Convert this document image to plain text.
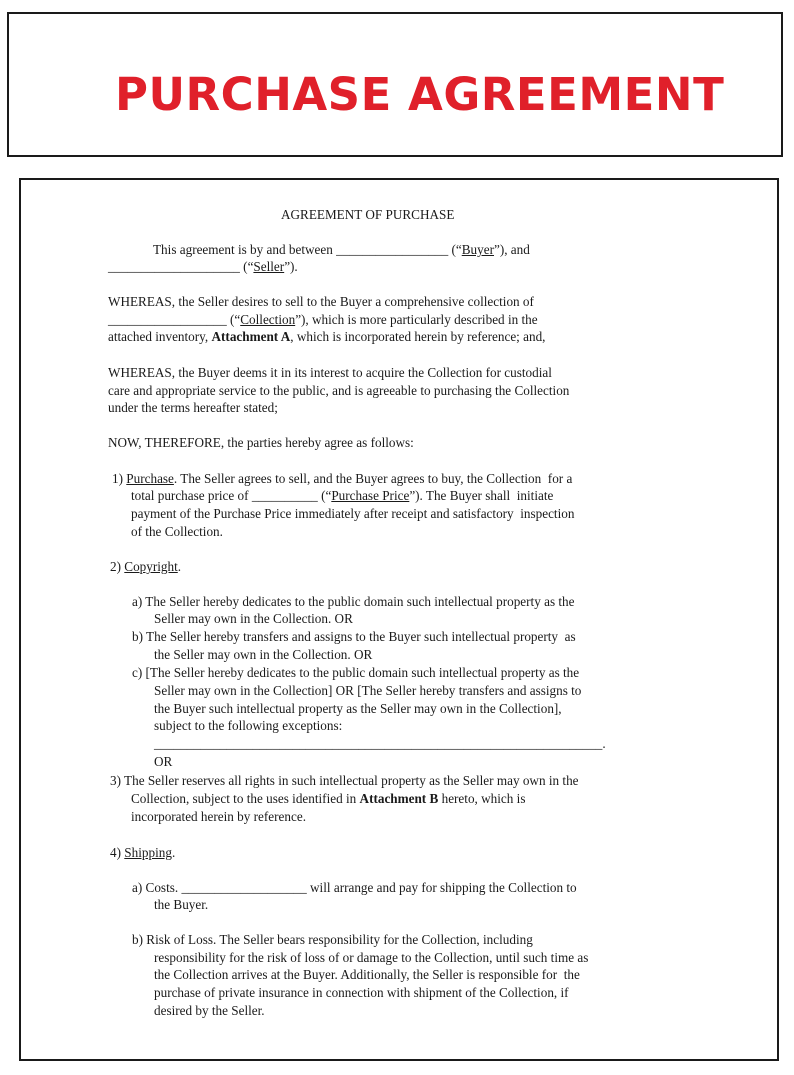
PURCHASE AGREEMENT
AGREEMENT OF PURCHASE
This agreement is by and between _________________ (“Buyer”), and
____________________ (“Seller”).
WHEREAS, the Seller desires to sell to the Buyer a comprehensive collection of
__________________ (“Collection”), which is more particularly described in the
attached inventory, Attachment A, which is incorporated herein by reference; and,
WHEREAS, the Buyer deems it in its interest to acquire the Collection for custodial
care and appropriate service to the public, and is agreeable to purchasing the Collection
under the terms hereafter stated;
NOW, THEREFORE, the parties hereby agree as follows:
1) Purchase. The Seller agrees to sell, and the Buyer agrees to buy, the Collection  for a
total purchase price of __________ (“Purchase Price”). The Buyer shall  initiate
payment of the Purchase Price immediately after receipt and satisfactory  inspection
of the Collection.
2) Copyright.
a) The Seller hereby dedicates to the public domain such intellectual property as the
Seller may own in the Collection. OR
b) The Seller hereby transfers and assigns to the Buyer such intellectual property  as
the Seller may own in the Collection. OR
c) [The Seller hereby dedicates to the public domain such intellectual property as the
Seller may own in the Collection] OR [The Seller hereby transfers and assigns to
the Buyer such intellectual property as the Seller may own in the Collection],
subject to the following exceptions:
____________________________________________________________________.
OR
3) The Seller reserves all rights in such intellectual property as the Seller may own in the
Collection, subject to the uses identified in Attachment B hereto, which is
incorporated herein by reference.
4) Shipping.
a) Costs. ___________________ will arrange and pay for shipping the Collection to
the Buyer.
b) Risk of Loss. The Seller bears responsibility for the Collection, including
responsibility for the risk of loss of or damage to the Collection, until such time as
the Collection arrives at the Buyer. Additionally, the Seller is responsible for  the
purchase of private insurance in connection with shipment of the Collection, if
desired by the Seller.
